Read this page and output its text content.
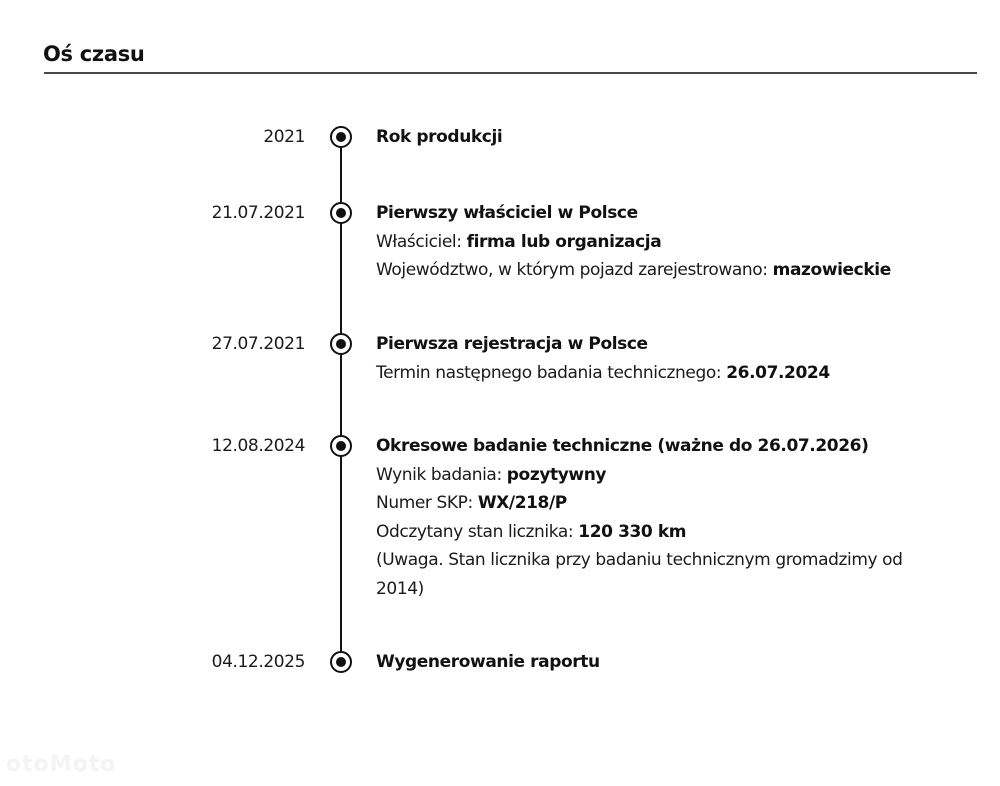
Oś czasu
2021	Rok produkcji
21.07.2021	Pierwszy właściciel w Polsce
Właściciel: firma lub organizacja
Województwo, w którym pojazd zarejestrowano: mazowieckie
27.07.2021	Pierwsza rejestracja w Polsce
Termin następnego badania technicznego: 26.07.2024
12.08.2024	Okresowe badanie techniczne (ważne do 26.07.2026)
Wynik badania: pozytywny
Numer SKP: WX/218/P
Odczytany stan licznika: 120 330 km
(Uwaga. Stan licznika przy badaniu technicznym gromadzimy od 2014)
04.12.2025	Wygenerowanie raportu
otoMoto
